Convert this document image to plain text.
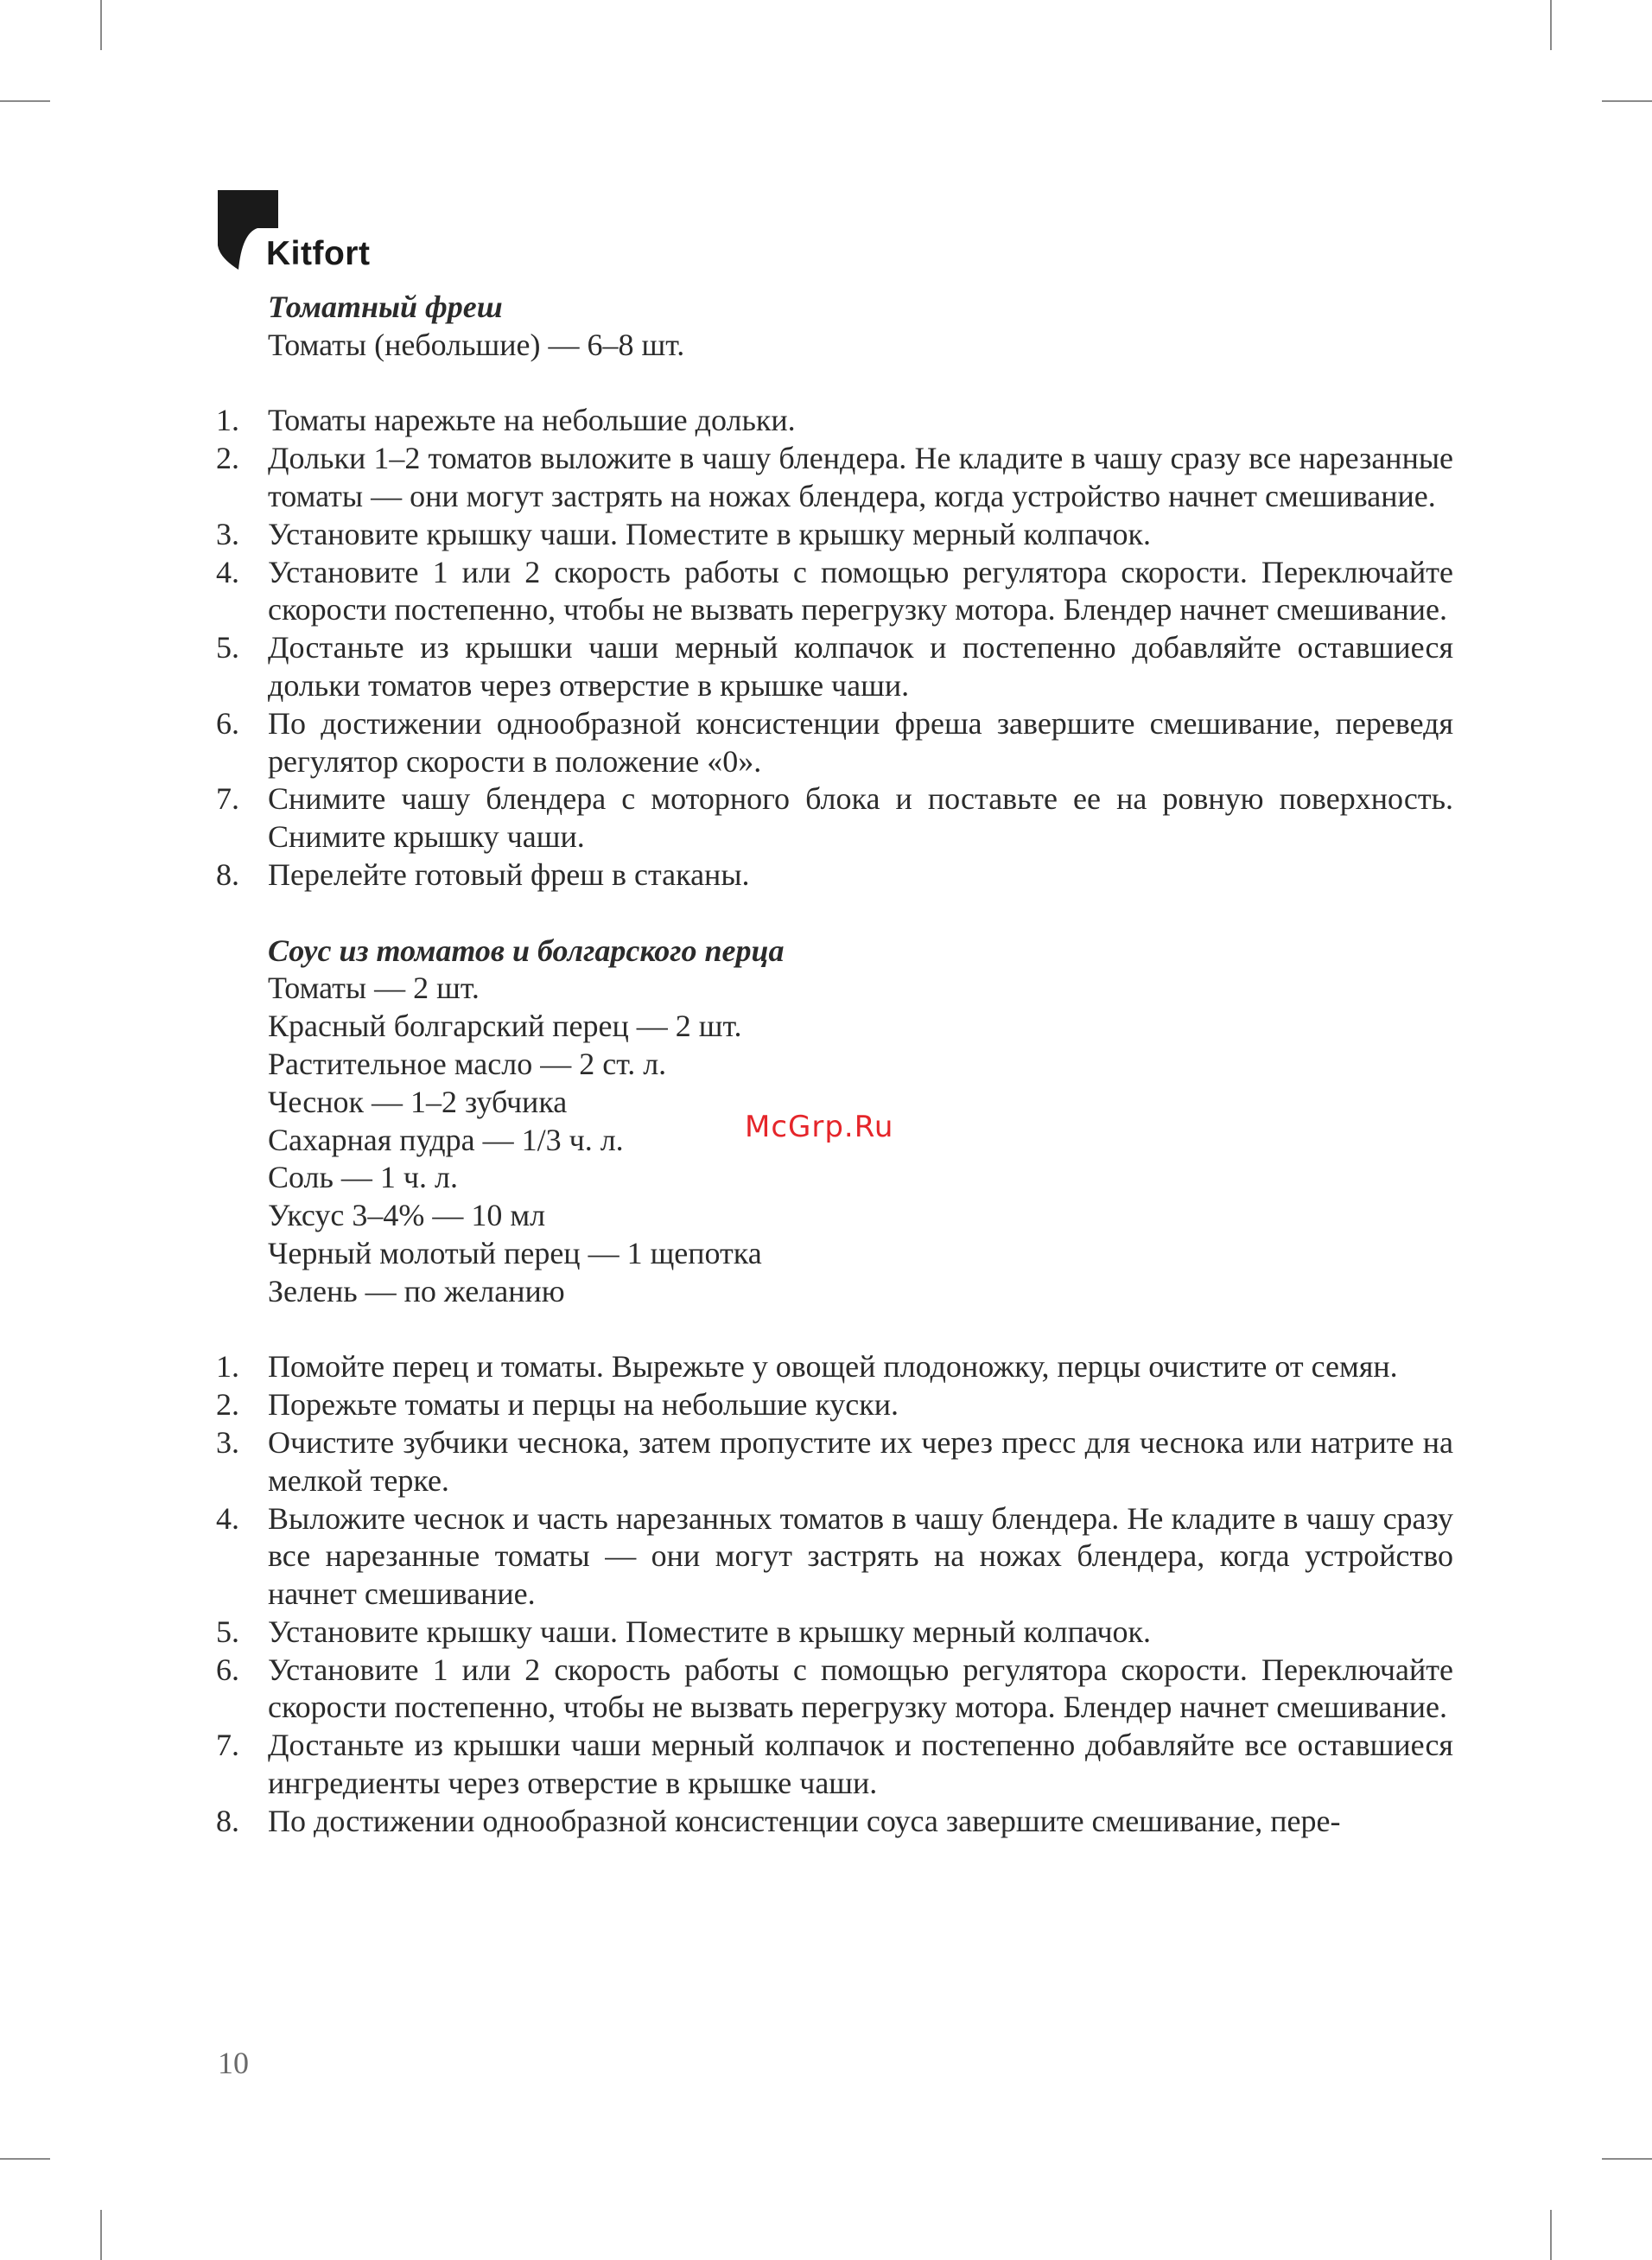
Kitfort
Томатный фреш
Томаты (небольшие) — 6–8 шт.
1. Томаты нарежьте на небольшие дольки.
2. Дольки 1–2 томатов выложите в чашу блендера. Не кладите в чашу сразу все нарезанные томаты — они могут застрять на ножах блендера, когда устройство начнет смешивание.
3. Установите крышку чаши. Поместите в крышку мерный колпачок.
4. Установите 1 или 2 скорость работы с помощью регулятора скорости. Переключайте скорости постепенно, чтобы не вызвать перегрузку мотора. Блендер начнет смешивание.
5. Достаньте из крышки чаши мерный колпачок и постепенно добавляйте оставшиеся дольки томатов через отверстие в крышке чаши.
6. По достижении однообразной консистенции фреша завершите смешивание, переведя регулятор скорости в положение «0».
7. Снимите чашу блендера с моторного блока и поставьте ее на ровную поверхность. Снимите крышку чаши.
8. Перелейте готовый фреш в стаканы.
Соус из томатов и болгарского перца
Томаты — 2 шт.
Красный болгарский перец — 2 шт.
Растительное масло — 2 ст. л.
Чеснок — 1–2 зубчика
Сахарная пудра — 1/3 ч. л.
Соль — 1 ч. л.
Уксус 3–4% — 10 мл
Черный молотый перец — 1 щепотка
Зелень — по желанию
1. Помойте перец и томаты. Вырежьте у овощей плодоножку, перцы очистите от семян.
2. Порежьте томаты и перцы на небольшие куски.
3. Очистите зубчики чеснока, затем пропустите их через пресс для чеснока или натрите на мелкой терке.
4. Выложите чеснок и часть нарезанных томатов в чашу блендера. Не кладите в чашу сразу все нарезанные томаты — они могут застрять на ножах блендера, когда устройство начнет смешивание.
5. Установите крышку чаши. Поместите в крышку мерный колпачок.
6. Установите 1 или 2 скорость работы с помощью регулятора скорости. Переключайте скорости постепенно, чтобы не вызвать перегрузку мотора. Блендер начнет смешивание.
7. Достаньте из крышки чаши мерный колпачок и постепенно добавляйте все оставшиеся ингредиенты через отверстие в крышке чаши.
8. По достижении однообразной консистенции соуса завершите смешивание, пере-
McGrp.Ru
10
